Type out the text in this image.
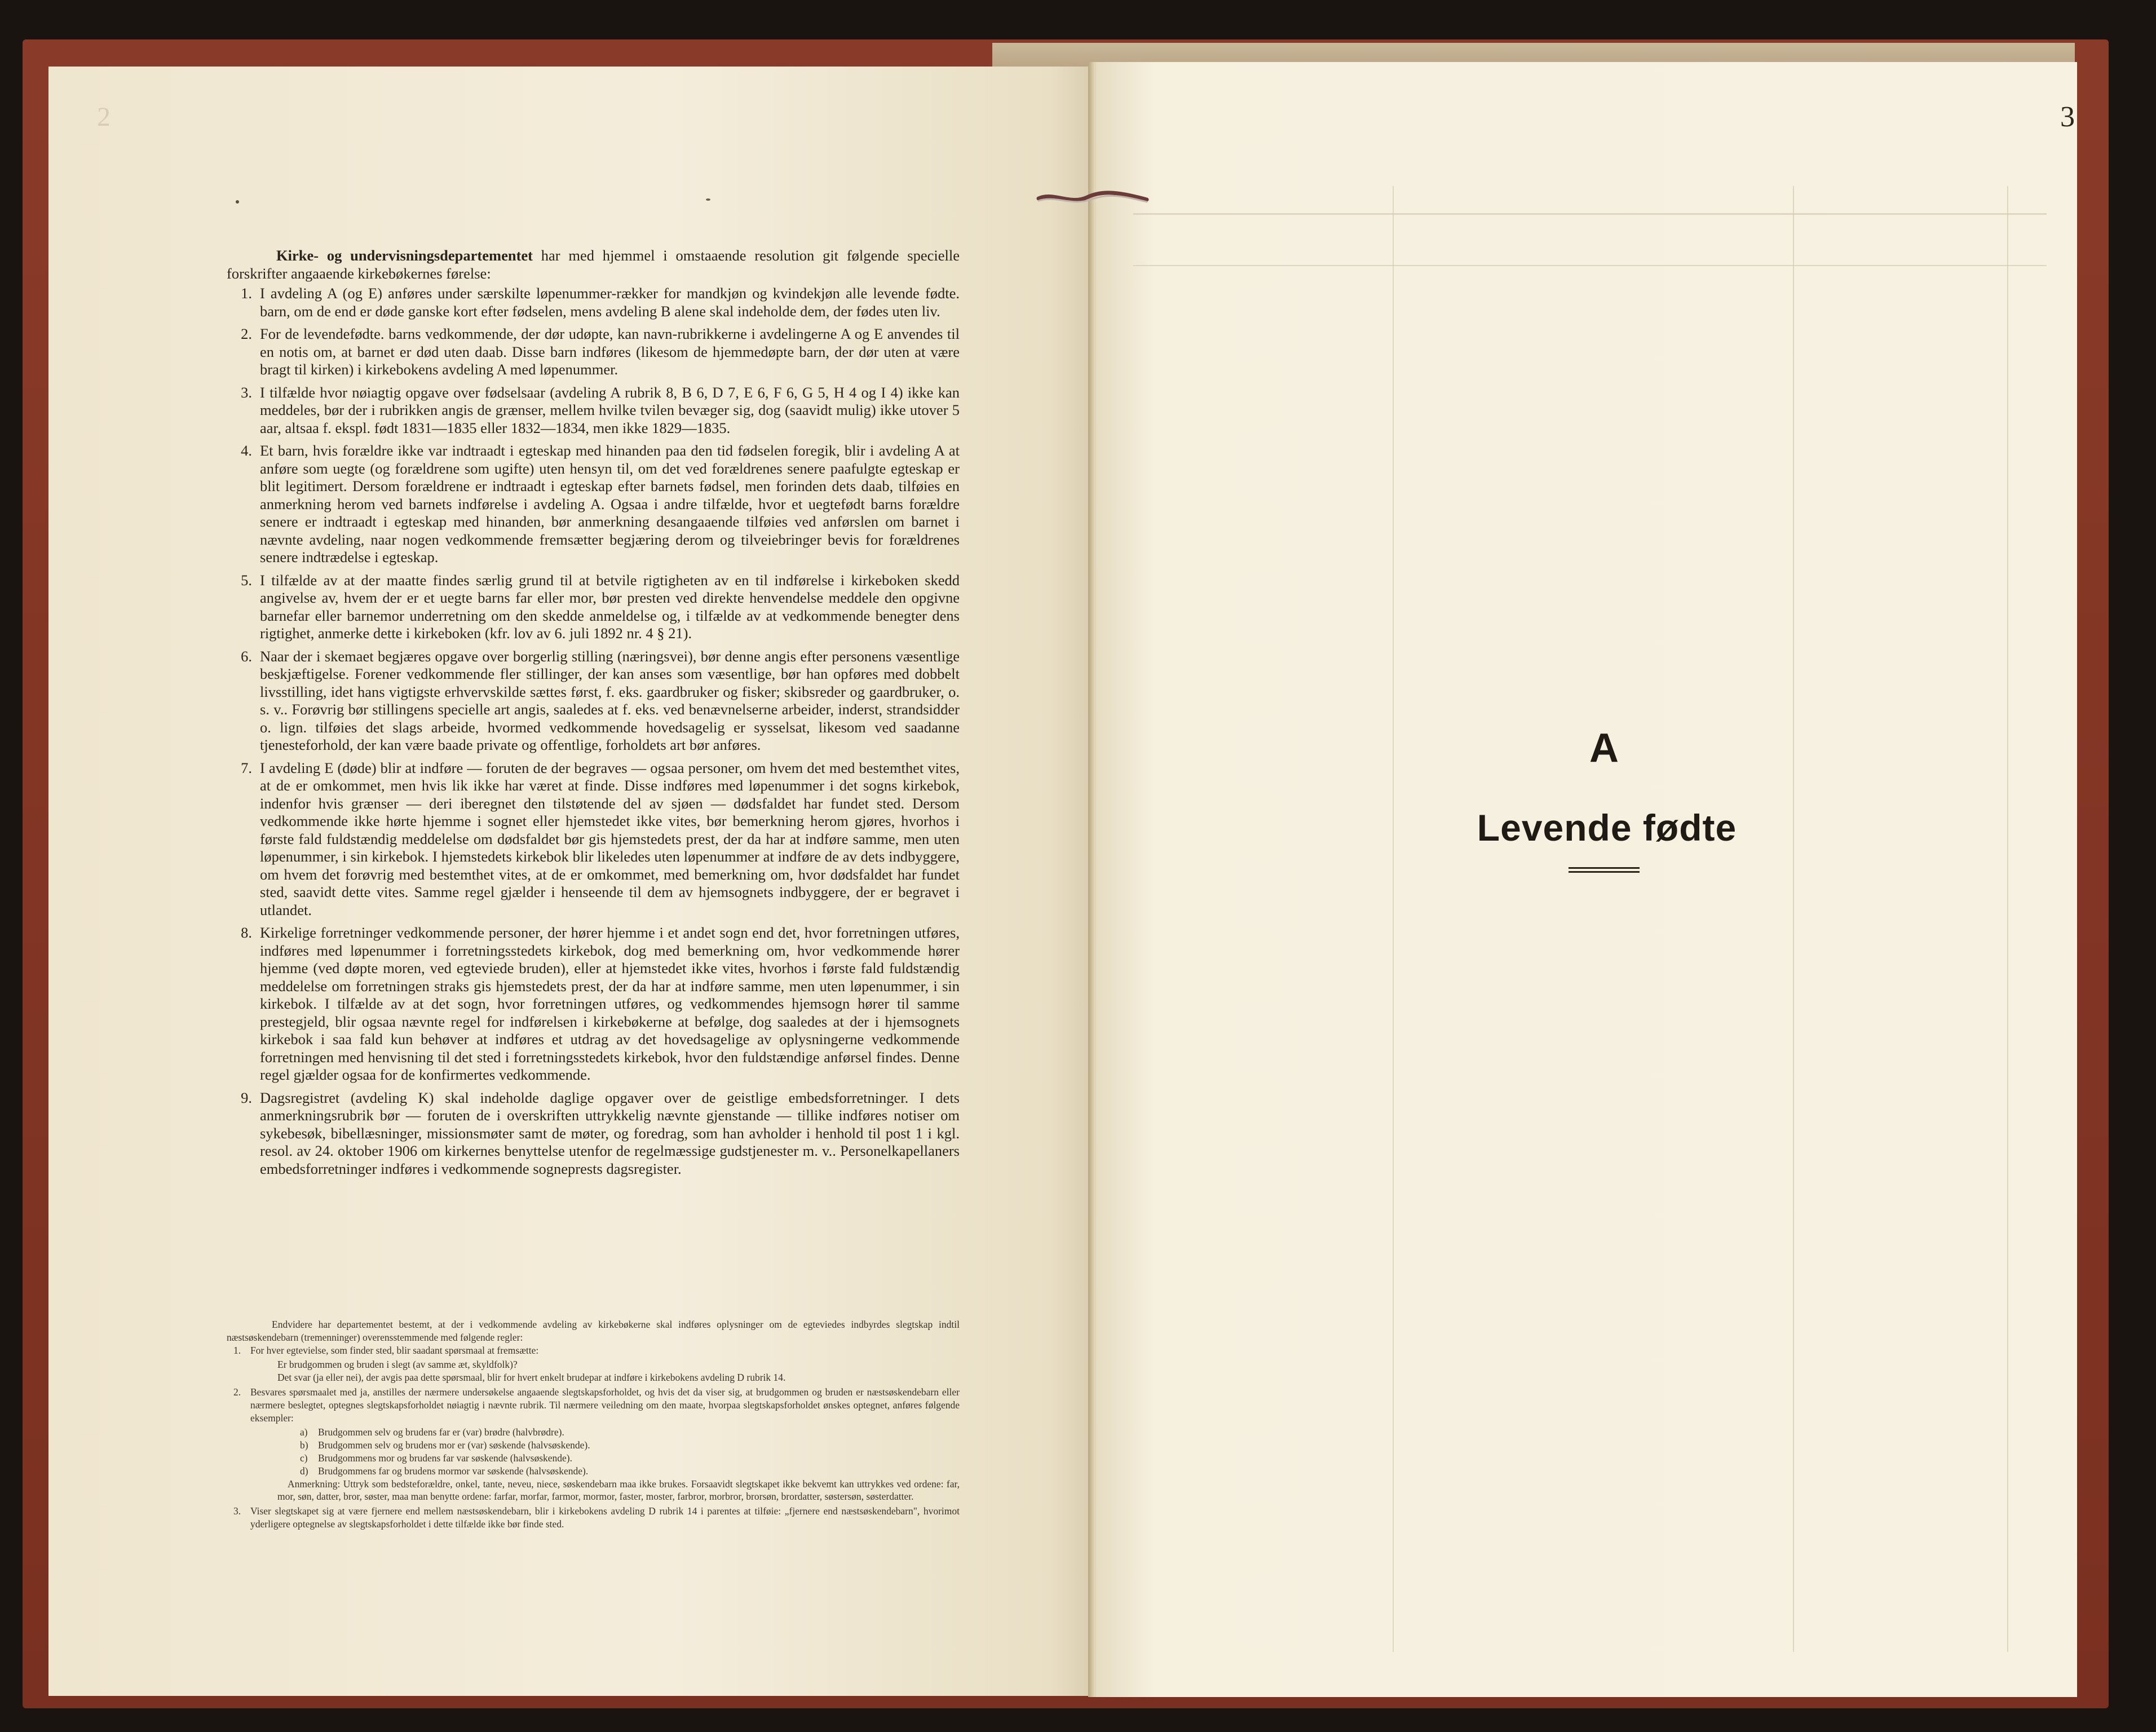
2

Kirke- og undervisningsdepartementet har med hjemmel i omstaaende resolution git følgende specielle forskrifter angaaende kirkebøkernes førelse:

1. I avdeling A (og E) anføres under særskilte løpenummer-rækker for mandkjøn og kvindekjøn alle levende fødte. barn, om de end er døde ganske kort efter fødselen, mens avdeling B alene skal indeholde dem, der fødes uten liv.
2. For de levendefødte. barns vedkommende, der dør udøpte, kan navn-rubrikkerne i avdelingerne A og E anvendes til en notis om, at barnet er død uten daab. Disse barn indføres (likesom de hjemmedøpte barn, der dør uten at være bragt til kirken) i kirkebokens avdeling A med løpenummer.
3. I tilfælde hvor nøiagtig opgave over fødselsaar (avdeling A rubrik 8, B 6, D 7, E 6, F 6, G 5, H 4 og I 4) ikke kan meddeles, bør der i rubrikken angis de grænser, mellem hvilke tvilen bevæger sig, dog (saavidt mulig) ikke utover 5 aar, altsaa f. ekspl. født 1831—1835 eller 1832—1834, men ikke 1829—1835.
4. Et barn, hvis forældre ikke var indtraadt i egteskap med hinanden paa den tid fødselen foregik, blir i avdeling A at anføre som uegte (og forældrene som ugifte) uten hensyn til, om det ved forældrenes senere paafulgte egteskap er blit legitimert. Dersom forældrene er indtraadt i egteskap efter barnets fødsel, men forinden dets daab, tilføies en anmerkning herom ved barnets indførelse i avdeling A. Ogsaa i andre tilfælde, hvor et uegtefødt barns forældre senere er indtraadt i egteskap med hinanden, bør anmerkning desangaaende tilføies ved anførslen om barnet i nævnte avdeling, naar nogen vedkommende fremsætter begjæring derom og tilveiebringer bevis for forældrenes senere indtrædelse i egteskap.
5. I tilfælde av at der maatte findes særlig grund til at betvile rigtigheten av en til indførelse i kirkeboken skedd angivelse av, hvem der er et uegte barns far eller mor, bør presten ved direkte henvendelse meddele den opgivne barnefar eller barnemor underretning om den skedde anmeldelse og, i tilfælde av at vedkommende benegter dens rigtighet, anmerke dette i kirkeboken (kfr. lov av 6. juli 1892 nr. 4 § 21).
6. Naar der i skemaet begjæres opgave over borgerlig stilling (næringsvei), bør denne angis efter personens væsentlige beskjæftigelse. Forener vedkommende fler stillinger, der kan anses som væsentlige, bør han opføres med dobbelt livsstilling, idet hans vigtigste erhvervskilde sættes først, f. eks. gaardbruker og fisker; skibsreder og gaardbruker, o. s. v.. Forøvrig bør stillingens specielle art angis, saaledes at f. eks. ved benævnelserne arbeider, inderst, strandsidder o. lign. tilføies det slags arbeide, hvormed vedkommende hovedsagelig er sysselsat, likesom ved saadanne tjenesteforhold, der kan være baade private og offentlige, forholdets art bør anføres.
7. I avdeling E (døde) blir at indføre — foruten de der begraves — ogsaa personer, om hvem det med bestemthet vites, at de er omkommet, men hvis lik ikke har været at finde. Disse indføres med løpenummer i det sogns kirkebok, indenfor hvis grænser — deri iberegnet den tilstøtende del av sjøen — dødsfaldet har fundet sted. Dersom vedkommende ikke hørte hjemme i sognet eller hjemstedet ikke vites, bør bemerkning herom gjøres, hvorhos i første fald fuldstændig meddelelse om dødsfaldet bør gis hjemstedets prest, der da har at indføre samme, men uten løpenummer, i sin kirkebok. I hjemstedets kirkebok blir likeledes uten løpenummer at indføre de av dets indbyggere, om hvem det forøvrig med bestemthet vites, at de er omkommet, med bemerkning om, hvor dødsfaldet har fundet sted, saavidt dette vites. Samme regel gjælder i henseende til dem av hjemsognets indbyggere, der er begravet i utlandet.
8. Kirkelige forretninger vedkommende personer, der hører hjemme i et andet sogn end det, hvor forretningen utføres, indføres med løpenummer i forretningsstedets kirkebok, dog med bemerkning om, hvor vedkommende hører hjemme (ved døpte moren, ved egteviede bruden), eller at hjemstedet ikke vites, hvorhos i første fald fuldstændig meddelelse om forretningen straks gis hjemstedets prest, der da har at indføre samme, men uten løpenummer, i sin kirkebok. I tilfælde av at det sogn, hvor forretningen utføres, og vedkommendes hjemsogn hører til samme prestegjeld, blir ogsaa nævnte regel for indførelsen i kirkebøkerne at befølge, dog saaledes at der i hjemsognets kirkebok i saa fald kun behøver at indføres et utdrag av det hovedsagelige av oplysningerne vedkommende forretningen med henvisning til det sted i forretningsstedets kirkebok, hvor den fuldstændige anførsel findes. Denne regel gjælder ogsaa for de konfirmertes vedkommende.
9. Dagsregistret (avdeling K) skal indeholde daglige opgaver over de geistlige embedsforretninger. I dets anmerkningsrubrik bør — foruten de i overskriften uttrykkelig nævnte gjenstande — tillike indføres notiser om sykebesøk, bibellæsninger, missionsmøter samt de møter, og foredrag, som han avholder i henhold til post 1 i kgl. resol. av 24. oktober 1906 om kirkernes benyttelse utenfor de regelmæssige gudstjenester m. v.. Personelkapellaners embedsforretninger indføres i vedkommende sogneprests dagsregister.

Endvidere har departementet bestemt, at der i vedkommende avdeling av kirkebøkerne skal indføres oplysninger om de egteviedes indbyrdes slegtskap indtil næstsøskendebarn (tremenninger) overensstemmende med følgende regler:

1. For hver egtevielse, som finder sted, blir saadant spørsmaal at fremsætte:
Er brudgommen og bruden i slegt (av samme æt, skyldfolk)?
Det svar (ja eller nei), der avgis paa dette spørsmaal, blir for hvert enkelt brudepar at indføre i kirkebokens avdeling D rubrik 14.
2. Besvares spørsmaalet med ja, anstilles der nærmere undersøkelse angaaende slegtskapsforholdet, og hvis det da viser sig, at brudgommen og bruden er næstsøskendebarn eller nærmere beslegtet, optegnes slegtskapsforholdet nøiagtig i nævnte rubrik. Til nærmere veiledning om den maate, hvorpaa slegtskapsforholdet ønskes optegnet, anføres følgende eksempler:
a)	Brudgommen selv og brudens far er (var) brødre (halvbrødre).
b) Brudgommen selv og brudens mor er (var) søskende (halvsøskende).
c)	Brudgommens mor og brudens far var søskende (halvsøskende).
d) Brudgommens far og brudens mormor var søskende (halvsøskende).
Anmerkning: Uttryk som bedsteforældre, onkel, tante, neveu, niece, søskendebarn maa ikke brukes. Forsaavidt slegtskapet ikke bekvemt kan uttrykkes ved ordene: far, mor, søn, datter, bror, søster, maa man benytte ordene: farfar, morfar, farmor, mormor, faster, moster, farbror, morbror, brorsøn, brordatter, søstersøn, søsterdatter.
3. Viser slegtskapet sig at være fjernere end mellem næstsøskendebarn, blir i kirkebokens avdeling D rubrik 14 i parentes at tilføie: „fjernere end næstsøskendebarn", hvorimot yderligere optegnelse av slegtskapsforholdet i dette tilfælde ikke bør finde sted.
3
A
Levende fødte
